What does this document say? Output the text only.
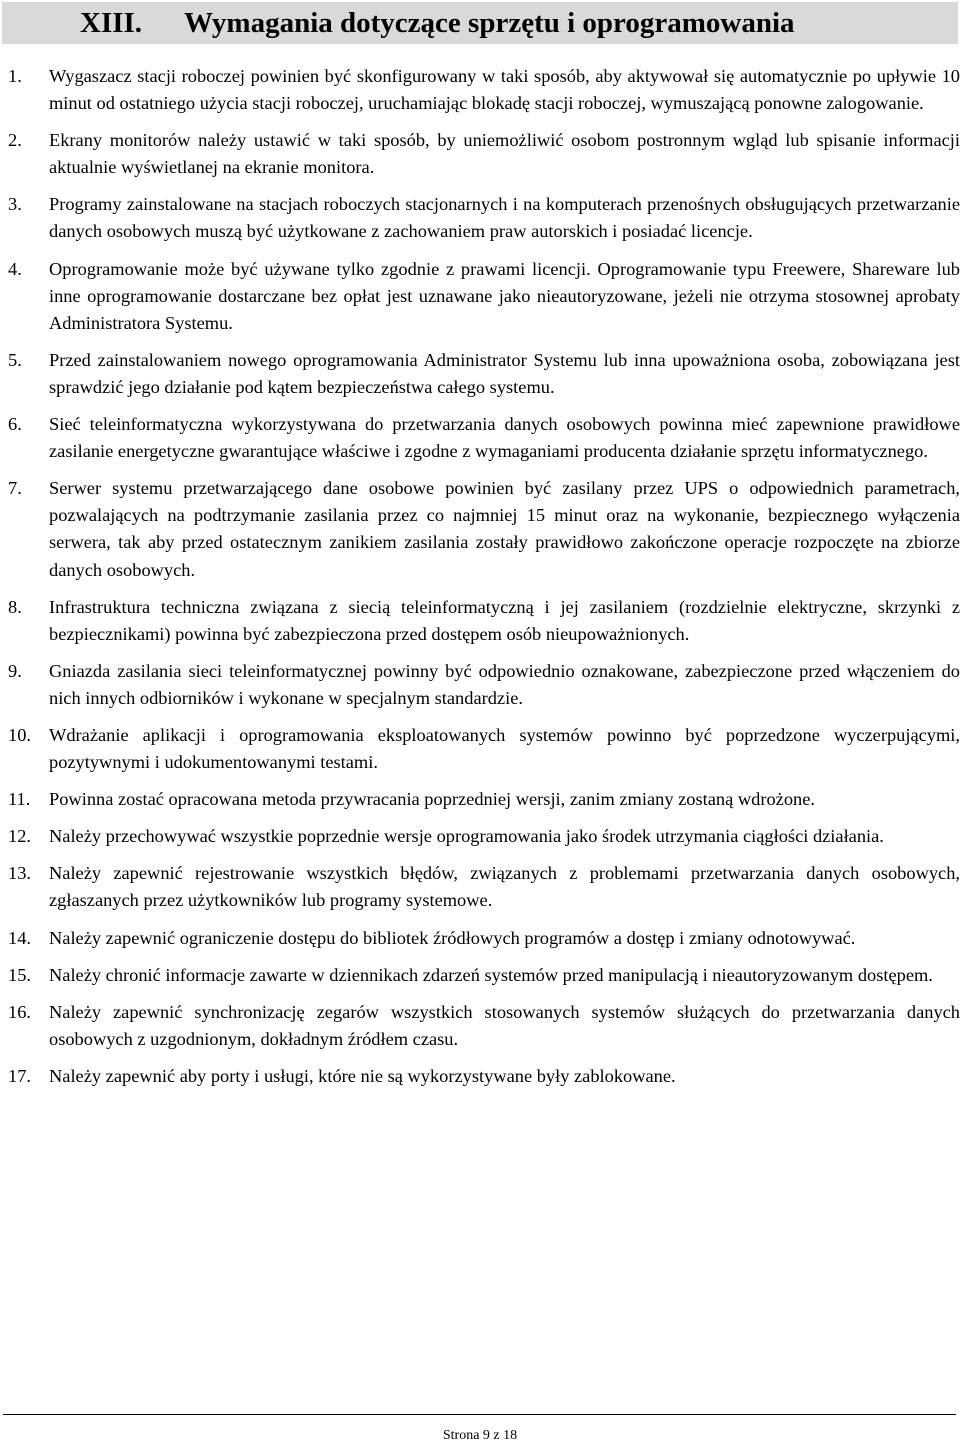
XIII. Wymagania dotyczące sprzętu i oprogramowania
1.	Wygaszacz stacji roboczej powinien być skonfigurowany w taki sposób, aby aktywował się automatycznie po upływie 10 minut od ostatniego użycia stacji roboczej, uruchamiając blokadę stacji roboczej, wymuszającą ponowne zalogowanie.
2.	Ekrany monitorów należy ustawić w taki sposób, by uniemożliwić osobom postronnym wgląd lub spisanie informacji aktualnie wyświetlanej na ekranie monitora.
3.	Programy zainstalowane na stacjach roboczych stacjonarnych i na komputerach przenośnych obsługujących przetwarzanie danych osobowych muszą być użytkowane z zachowaniem praw autorskich i posiadać licencje.
4.	Oprogramowanie może być używane tylko zgodnie z prawami licencji. Oprogramowanie typu Freewere, Shareware lub inne oprogramowanie dostarczane bez opłat jest uznawane jako nieautoryzowane, jeżeli nie otrzyma stosownej aprobaty Administratora Systemu.
5.	Przed zainstalowaniem nowego oprogramowania Administrator Systemu lub inna upoważniona osoba, zobowiązana jest sprawdzić jego działanie pod kątem bezpieczeństwa całego systemu.
6.	Sieć teleinformatyczna wykorzystywana do przetwarzania danych osobowych powinna mieć zapewnione prawidłowe zasilanie energetyczne gwarantujące właściwe i zgodne z wymaganiami producenta działanie sprzętu informatycznego.
7.	Serwer systemu przetwarzającego dane osobowe powinien być zasilany przez UPS o odpowiednich parametrach, pozwalających na podtrzymanie zasilania przez co najmniej 15 minut oraz na wykonanie, bezpiecznego wyłączenia serwera, tak aby przed ostatecznym zanikiem zasilania zostały prawidłowo zakończone operacje rozpoczęte na zbiorze danych osobowych.
8.	Infrastruktura techniczna związana z siecią teleinformatyczną i jej zasilaniem (rozdzielnie elektryczne, skrzynki z bezpiecznikami) powinna być zabezpieczona przed dostępem osób nieupoważnionych.
9.	Gniazda zasilania sieci teleinformatycznej powinny być odpowiednio oznakowane, zabezpieczone przed włączeniem do nich innych odbiorników i wykonane w specjalnym standardzie.
10. Wdrażanie aplikacji i oprogramowania eksploatowanych systemów powinno być poprzedzone wyczerpującymi, pozytywnymi i udokumentowanymi testami.
11.	Powinna zostać opracowana metoda przywracania poprzedniej wersji, zanim zmiany zostaną wdrożone.
12. Należy przechowywać wszystkie poprzednie wersje oprogramowania jako środek utrzymania ciągłości działania.
13. Należy zapewnić rejestrowanie wszystkich błędów, związanych z problemami przetwarzania danych osobowych, zgłaszanych przez użytkowników lub programy systemowe.
14. Należy zapewnić ograniczenie dostępu do bibliotek źródłowych programów a dostęp i zmiany odnotowywać.
15. Należy chronić informacje zawarte w dziennikach zdarzeń systemów przed manipulacją i nieautoryzowanym dostępem.
16. Należy zapewnić synchronizację zegarów wszystkich stosowanych systemów służących do przetwarzania danych osobowych z uzgodnionym, dokładnym źródłem czasu.
17. Należy zapewnić aby porty i usługi, które nie są wykorzystywane były zablokowane.
Strona 9 z 18
